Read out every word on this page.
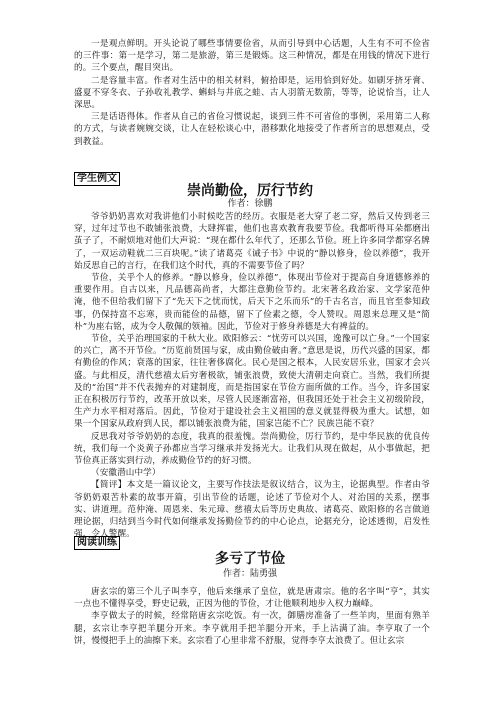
一是观点鲜明。开头论说了哪些事情要俭省，从而引导到中心话题，人生有不可不俭省的三件事：第一是学习，第二是旅游，第三是锻炼。这三种情况，都是在用钱的情况下进行的。三个要点，醒目突出。

二是容量丰富。作者对生活中的相关材料，俯拾即是，运用恰到好处。如刷牙挤牙膏、盛夏不穿冬衣、子孙收礼教学、蝌蚪与井底之蛙、古人羽箭无数箭，等等，论说恰当，让人深思。

三是话语得体。作者从自己的省俭习惯说起，谈到三件不可省俭的事例，采用第二人称的方式，与读者婉婉交谈，让人在轻松谈心中，潜移默化地接受了作者所言的思想观点，受到教益。

学生例文
崇尚勤俭，厉行节约
作者：徐鹏

爷爷奶奶喜欢对我讲他们小时候吃苦的经历。衣服是老大穿了老二穿，然后又传到老三穿，过年过节也不敢铺张浪费，大肆挥霍，他们也喜欢教育我要节俭。我都听得耳朵都磨出茧子了，不耐烦地对他们大声说：“现在都什么年代了，还那么节俭。班上许多同学都穿名牌了，一双运动鞋就二三百块呢。”读了诸葛亮《诫子书》中说的“静以修身，俭以养德”，我开始反思自己的言行，在我们这个时代，真的不需要节俭了吗？

节俭，关乎个人的修养。“静以修身，俭以养德”，体现出节俭对于提高自身道德修养的重要作用。自古以来，凡品德高尚者，大都注意勤俭节约。北宋著名政治家、文学家范仲淹，他不但给我们留下了“先天下之忧而忧，后天下之乐而乐”的千古名言，而且官至参知政事，仍保持富不忘寒，贵而能俭的品德，留下了俭素之德，令人赞叹。周恩来总理又是“简朴”为座右铭，成为令人敬佩的领袖。因此，节俭对于修身养德是大有裨益的。

节俭，关乎治理国家的千秋大业。欧阳修云：“忧劳可以兴国，逸豫可以亡身。”一个国家的兴亡，离不开节俭。“历览前贤国与家，成由勤俭破由奢。”意思是说，历代兴盛的国家，都有勤俭的作风；衰落的国家，往往奢侈腐化。民心是国之根本，人民安居乐业，国家才会兴盛。与此相反，清代慈禧太后穷奢极欲，铺张浪费，致使大清朝走向衰亡。当然，我们所提及的“治国”并不代表抛弃的对建制度，而是指国家在节俭方面所做的工作。当今，许多国家正在积极厉行节约，改革开放以来，尽管人民逐渐富裕，但我国还处于社会主义初级阶段，生产力水平相对落后。因此，节俭对于建设社会主义祖国的意义就显得极为重大。试想，如果一个国家从政府到人民，都以铺张浪费为能，国家岂能不亡？民族岂能不衰？

反思我对爷爷奶奶的态度，我真的很羞愧。崇尚勤俭，厉行节约，是中华民族的优良传统，我们每一个炎黄子孙都应当学习继承并发扬光大。让我们从现在做起，从小事做起，把节俭真正落实到行动，养成勤俭节约的好习惯。

（安徽潜山中学）

【简评】本文是一篇议论文，主要写作技法是叙议结合，议为主，论据典型。作者由爷爷奶奶艰苦朴素的故事开篇，引出节俭的话题，论述了节俭对个人、对治国的关系，摆事实、讲道理。范仲淹、周恩来、朱元璋、慈禧太后等历史典故、诸葛亮、欧阳修的名言做道理论据，归结到当今时代如何继承发扬勤俭节约的中心论点，论据充分，论述透彻，启发性强，令人警醒。

阅读训练
多亏了节俭
作者：陆勇强

唐玄宗的第三个儿子叫李亨，他后来继承了皇位，就是唐肃宗。他的名字叫“亨”，其实一点也不懂得享受，野史记载，正因为他的节俭，才让他顺利地步入权力巅峰。

李亨做太子的时候，经常陪唐玄宗吃饭。有一次，御膳房准备了一些羊肉，里面有熟羊腿，玄宗让李亨把羊腿分开来。李亨就用手把羊腿分开来，手上沾满了油。李亨取了一个饼，慢慢把手上的油擦下来。玄宗看了心里非常不舒服，觉得李亨太浪费了。但让玄宗
